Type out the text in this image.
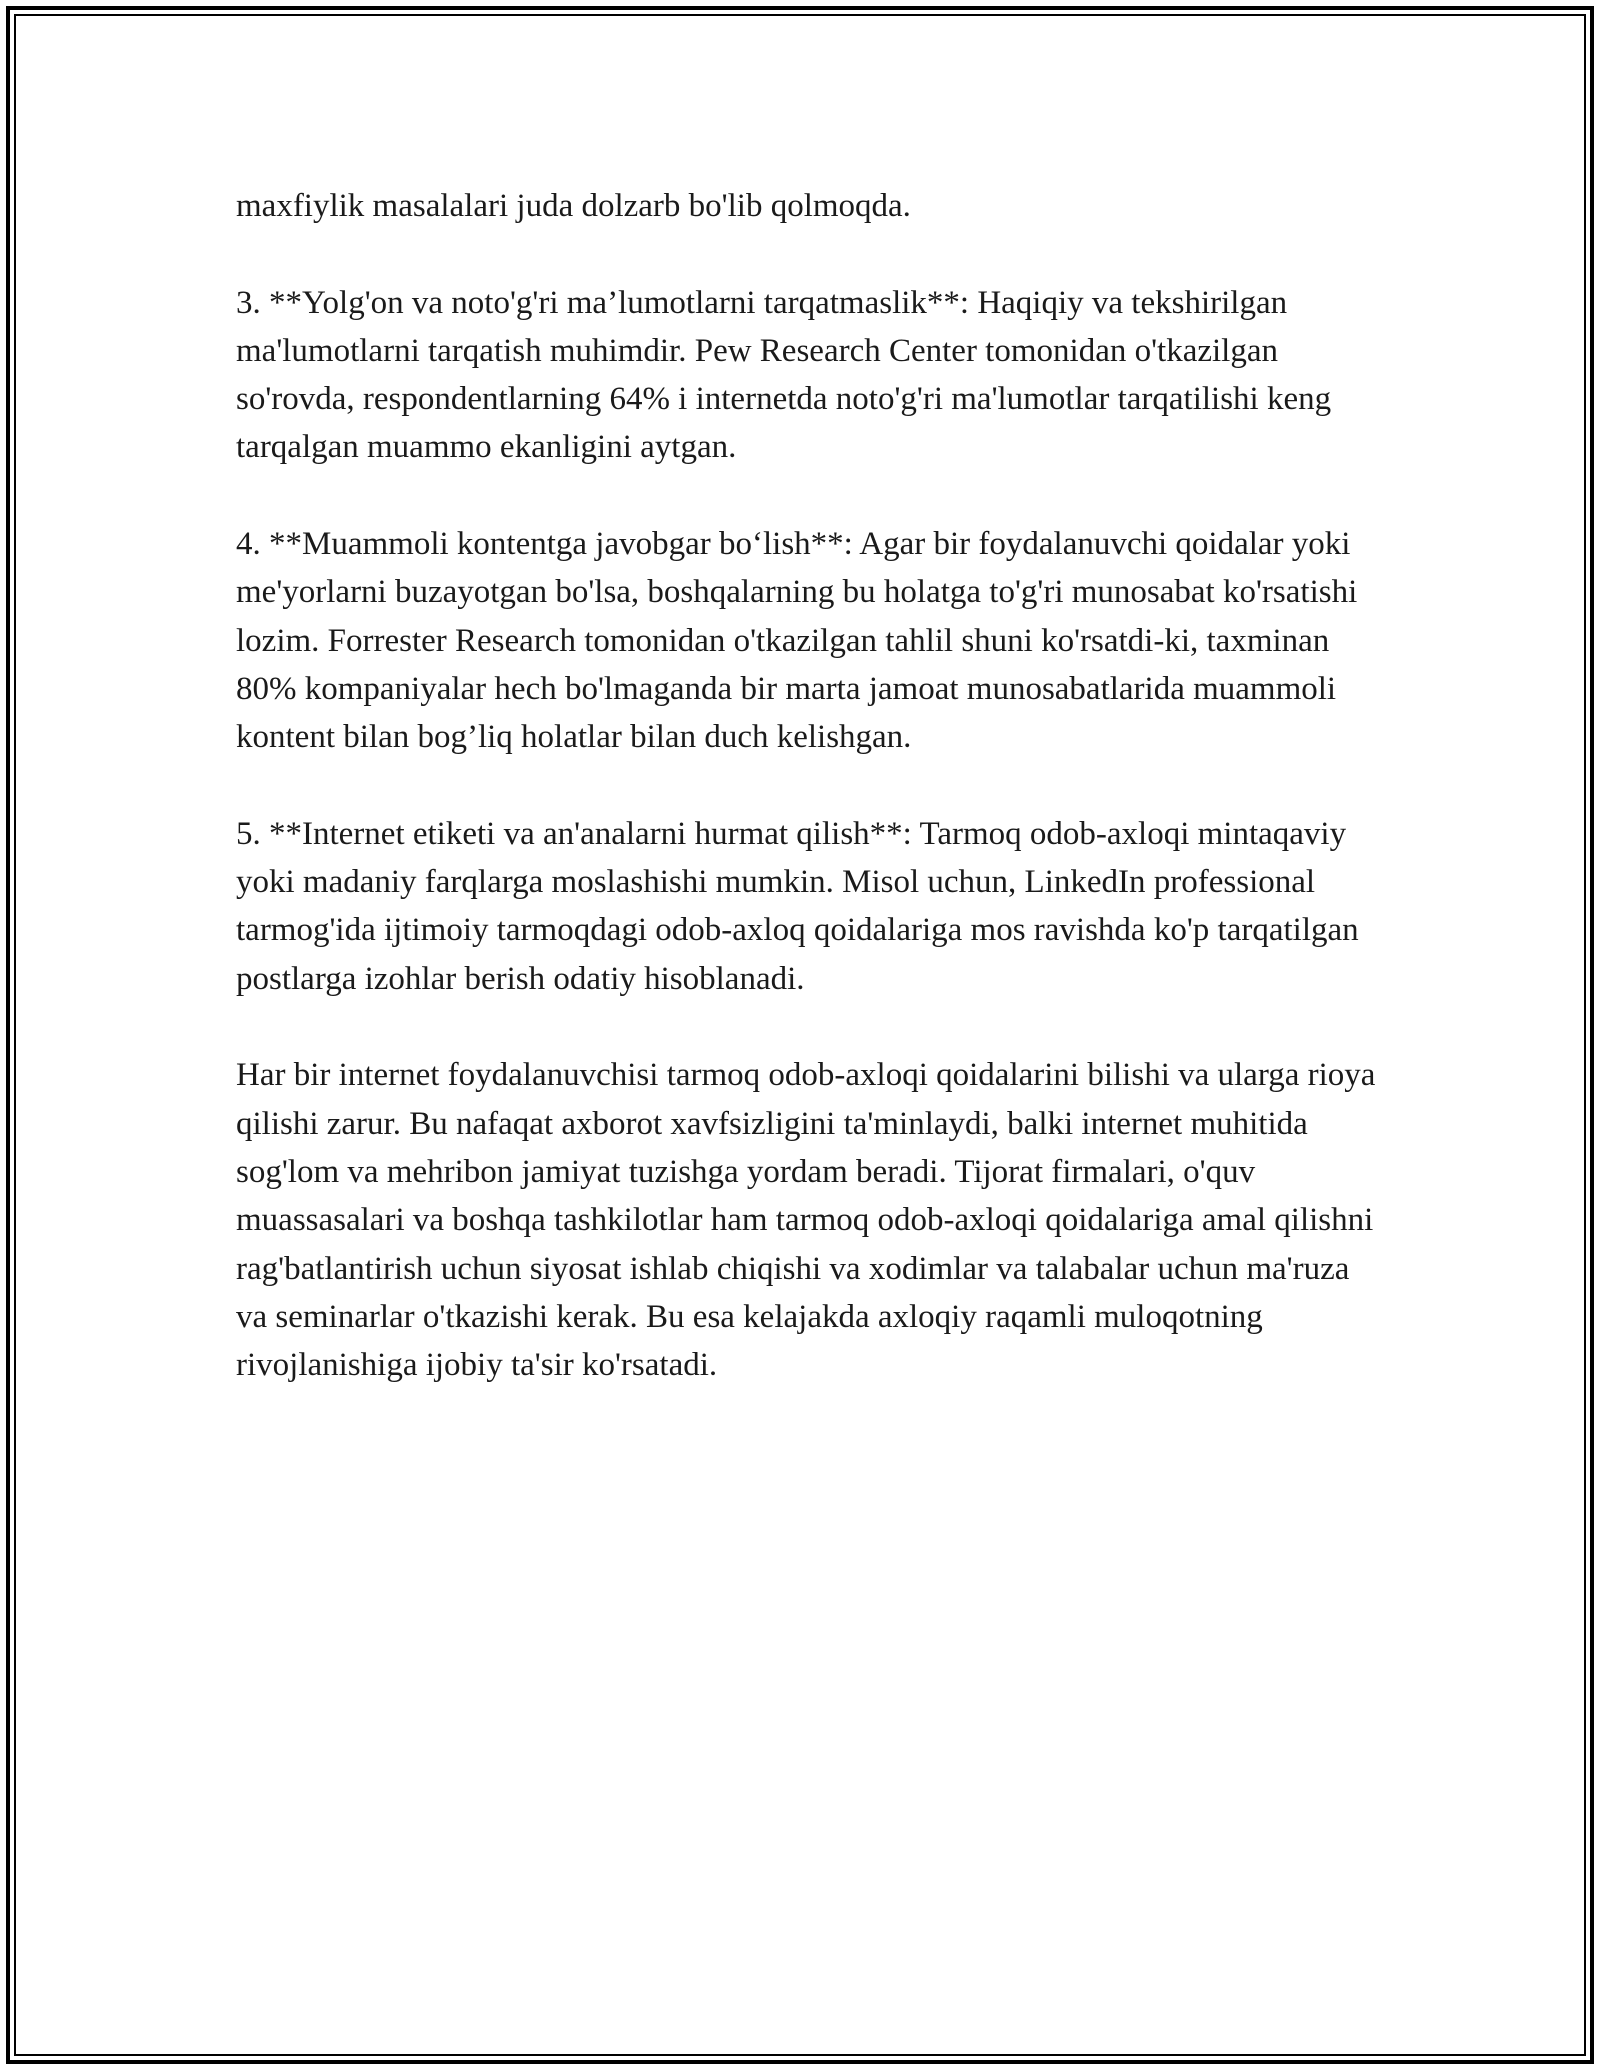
maxfiylik masalalari juda dolzarb bo'lib qolmoqda.

3. **Yolg'on va noto'g'ri ma’lumotlarni tarqatmaslik**: Haqiqiy va tekshirilgan ma'lumotlarni tarqatish muhimdir. Pew Research Center tomonidan o'tkazilgan so'rovda, respondentlarning 64% i internetda noto'g'ri ma'lumotlar tarqatilishi keng tarqalgan muammo ekanligini aytgan.

4. **Muammoli kontentga javobgar bo‘lish**: Agar bir foydalanuvchi qoidalar yoki me'yorlarni buzayotgan bo'lsa, boshqalarning bu holatga to'g'ri munosabat ko'rsatishi lozim. Forrester Research tomonidan o'tkazilgan tahlil shuni ko'rsatdi-ki, taxminan 80% kompaniyalar hech bo'lmaganda bir marta jamoat munosabatlarida muammoli kontent bilan bog’liq holatlar bilan duch kelishgan.

5. **Internet etiketi va an'analarni hurmat qilish**: Tarmoq odob-axloqi mintaqaviy yoki madaniy farqlarga moslashishi mumkin. Misol uchun, LinkedIn professional tarmog'ida ijtimoiy tarmoqdagi odob-axloq qoidalariga mos ravishda ko'p tarqatilgan postlarga izohlar berish odatiy hisoblanadi.

Har bir internet foydalanuvchisi tarmoq odob-axloqi qoidalarini bilishi va ularga rioya qilishi zarur. Bu nafaqat axborot xavfsizligini ta'minlaydi, balki internet muhitida sog'lom va mehribon jamiyat tuzishga yordam beradi. Tijorat firmalari, o'quv muassasalari va boshqa tashkilotlar ham tarmoq odob-axloqi qoidalariga amal qilishni rag'batlantirish uchun siyosat ishlab chiqishi va xodimlar va talabalar uchun ma'ruza va seminarlar o'tkazishi kerak. Bu esa kelajakda axloqiy raqamli muloqotning rivojlanishiga ijobiy ta'sir ko'rsatadi.
